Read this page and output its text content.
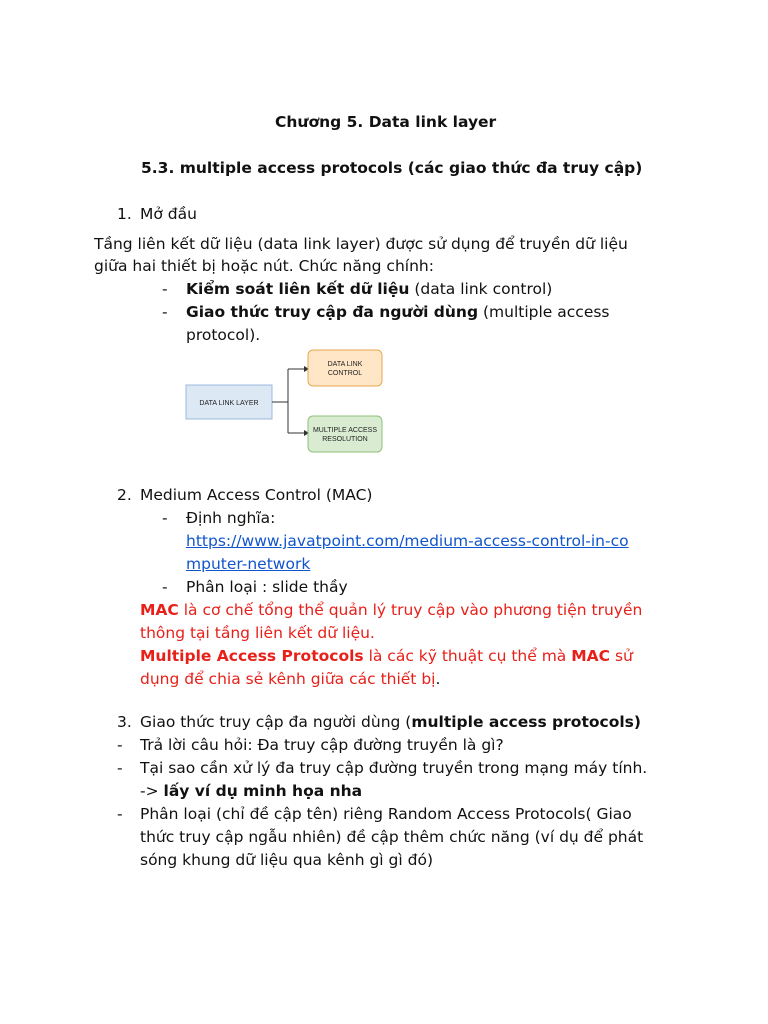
Chương 5. Data link layer
5.3. multiple access protocols (các giao thức đa truy cập)
1. Mở đầu
Tầng liên kết dữ liệu (data link layer) được sử dụng để truyền dữ liệu
giữa hai thiết bị hoặc nút. Chức năng chính:
- Kiểm soát liên kết dữ liệu (data link control)
- Giao thức truy cập đa người dùng (multiple access
protocol).
DATA LINK LAYER
DATA LINK
CONTROL
MULTIPLE ACCESS
RESOLUTION
2. Medium Access Control (MAC)
- Định nghĩa:
https://www.javatpoint.com/medium-access-control-in-co
mputer-network
- Phân loại : slide thầy
MAC là cơ chế tổng thể quản lý truy cập vào phương tiện truyền
thông tại tầng liên kết dữ liệu.
Multiple Access Protocols là các kỹ thuật cụ thể mà MAC sử
dụng để chia sẻ kênh giữa các thiết bị.
3. Giao thức truy cập đa người dùng (multiple access protocols)
- Trả lời câu hỏi: Đa truy cập đường truyền là gì?
- Tại sao cần xử lý đa truy cập đường truyền trong mạng máy tính.
-> lấy ví dụ minh họa nha
- Phân loại (chỉ đề cập tên) riêng Random Access Protocols( Giao
thức truy cập ngẫu nhiên) đề cập thêm chức năng (ví dụ để phát
sóng khung dữ liệu qua kênh gì gì đó)
